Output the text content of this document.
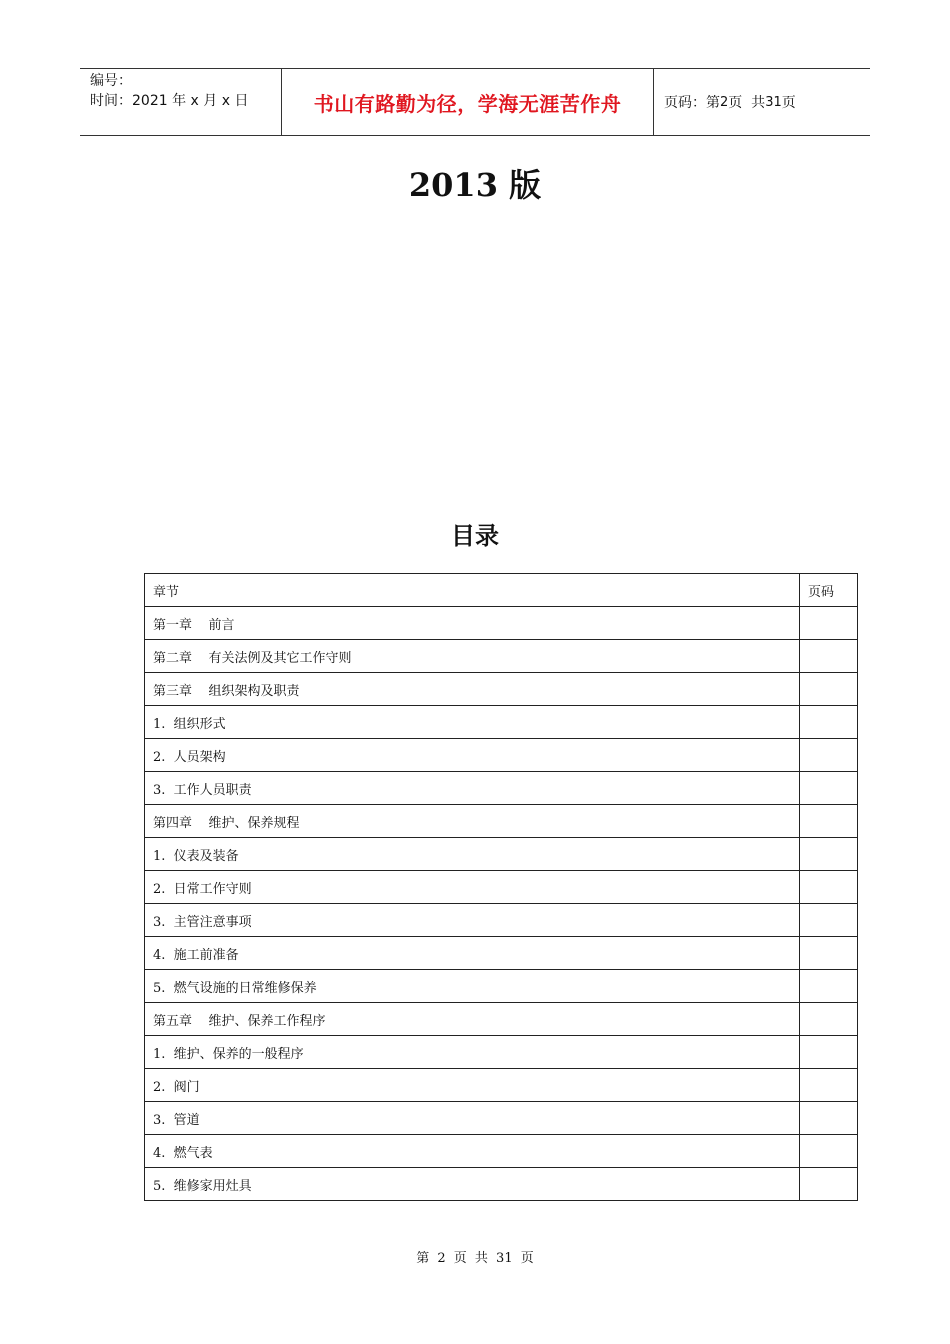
编号：
时间：2021 年 x 月 x 日	书山有路勤为径，学海无涯苦作舟	页码：第 2 页  共 31 页
2013 版
目录
章节	页码
第一章    前言	
第二章    有关法例及其它工作守则	
第三章    组织架构及职责	
1.  组织形式	
2.  人员架构	
3.  工作人员职责	
第四章    维护、保养规程	
1.  仪表及装备	
2.  日常工作守则	
3.  主管注意事项	
4.  施工前准备	
5.  燃气设施的日常维修保养	
第五章    维护、保养工作程序	
1.  维护、保养的一般程序	
2.  阀门	
3.  管道	
4.  燃气表	
5.  维修家用灶具	
第 2 页 共 31 页
